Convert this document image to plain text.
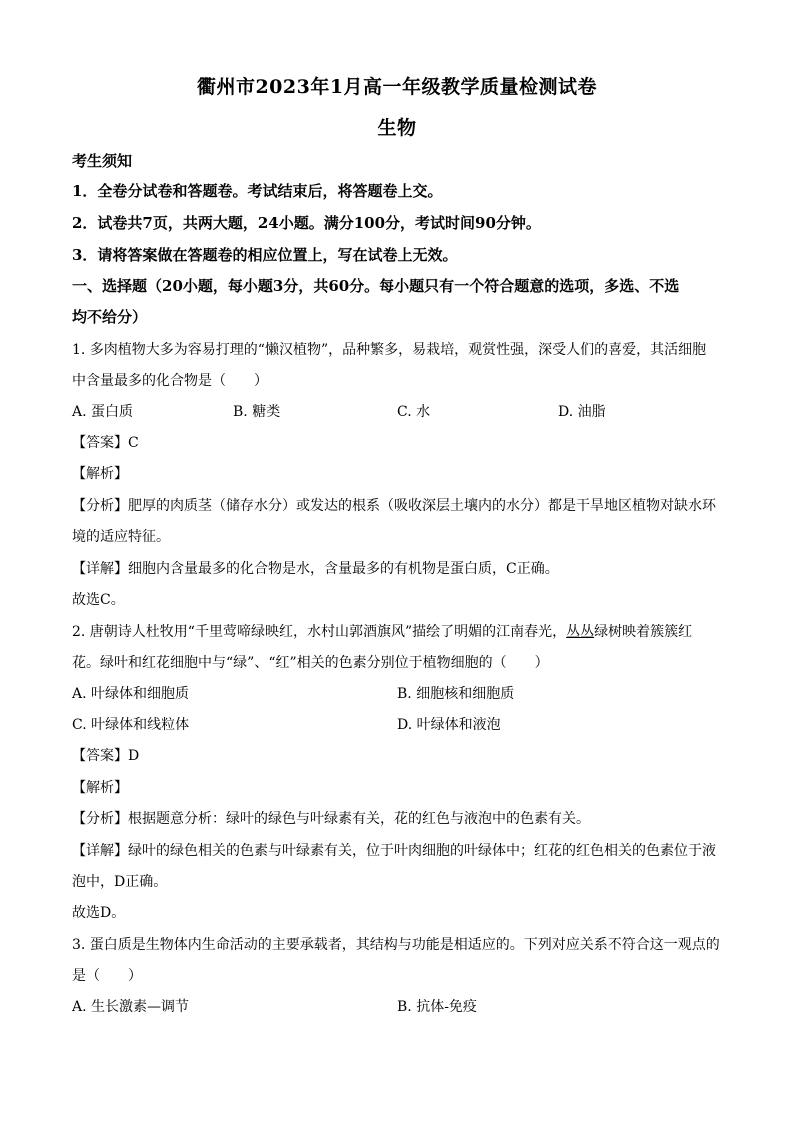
衢州市2023年1月高一年级教学质量检测试卷
生物
考生须知
1．全卷分试卷和答题卷。考试结束后，将答题卷上交。
2．试卷共7页，共两大题，24小题。满分100分，考试时间90分钟。
3．请将答案做在答题卷的相应位置上，写在试卷上无效。
一、选择题（20小题，每小题3分，共60分。每小题只有一个符合题意的选项，多选、不选
均不给分）
1. 多肉植物大多为容易打理的“懒汉植物”，品种繁多，易栽培，观赏性强，深受人们的喜爱，其活细胞
中含量最多的化合物是（　　）
A. 蛋白质	B. 糖类	C. 水	D. 油脂
【答案】C
【解析】
【分析】肥厚的肉质茎（储存水分）或发达的根系（吸收深层土壤内的水分）都是干旱地区植物对缺水环
境的适应特征。
【详解】细胞内含量最多的化合物是水，含量最多的有机物是蛋白质，C正确。
故选C。
2. 唐朝诗人杜牧用“千里莺啼绿映红，水村山郭酒旗风”描绘了明媚的江南春光，丛丛绿树映着簇簇红
花。绿叶和红花细胞中与“绿”、“红”相关的色素分别位于植物细胞的（　　）
A. 叶绿体和细胞质	B. 细胞核和细胞质
C. 叶绿体和线粒体	D. 叶绿体和液泡
【答案】D
【解析】
【分析】根据题意分析：绿叶的绿色与叶绿素有关，花的红色与液泡中的色素有关。
【详解】绿叶的绿色相关的色素与叶绿素有关，位于叶肉细胞的叶绿体中；红花的红色相关的色素位于液
泡中，D正确。
故选D。
3. 蛋白质是生物体内生命活动的主要承载者，其结构与功能是相适应的。下列对应关系不符合这一观点的
是（　　）
A. 生长激素—调节	B. 抗体-免疫
